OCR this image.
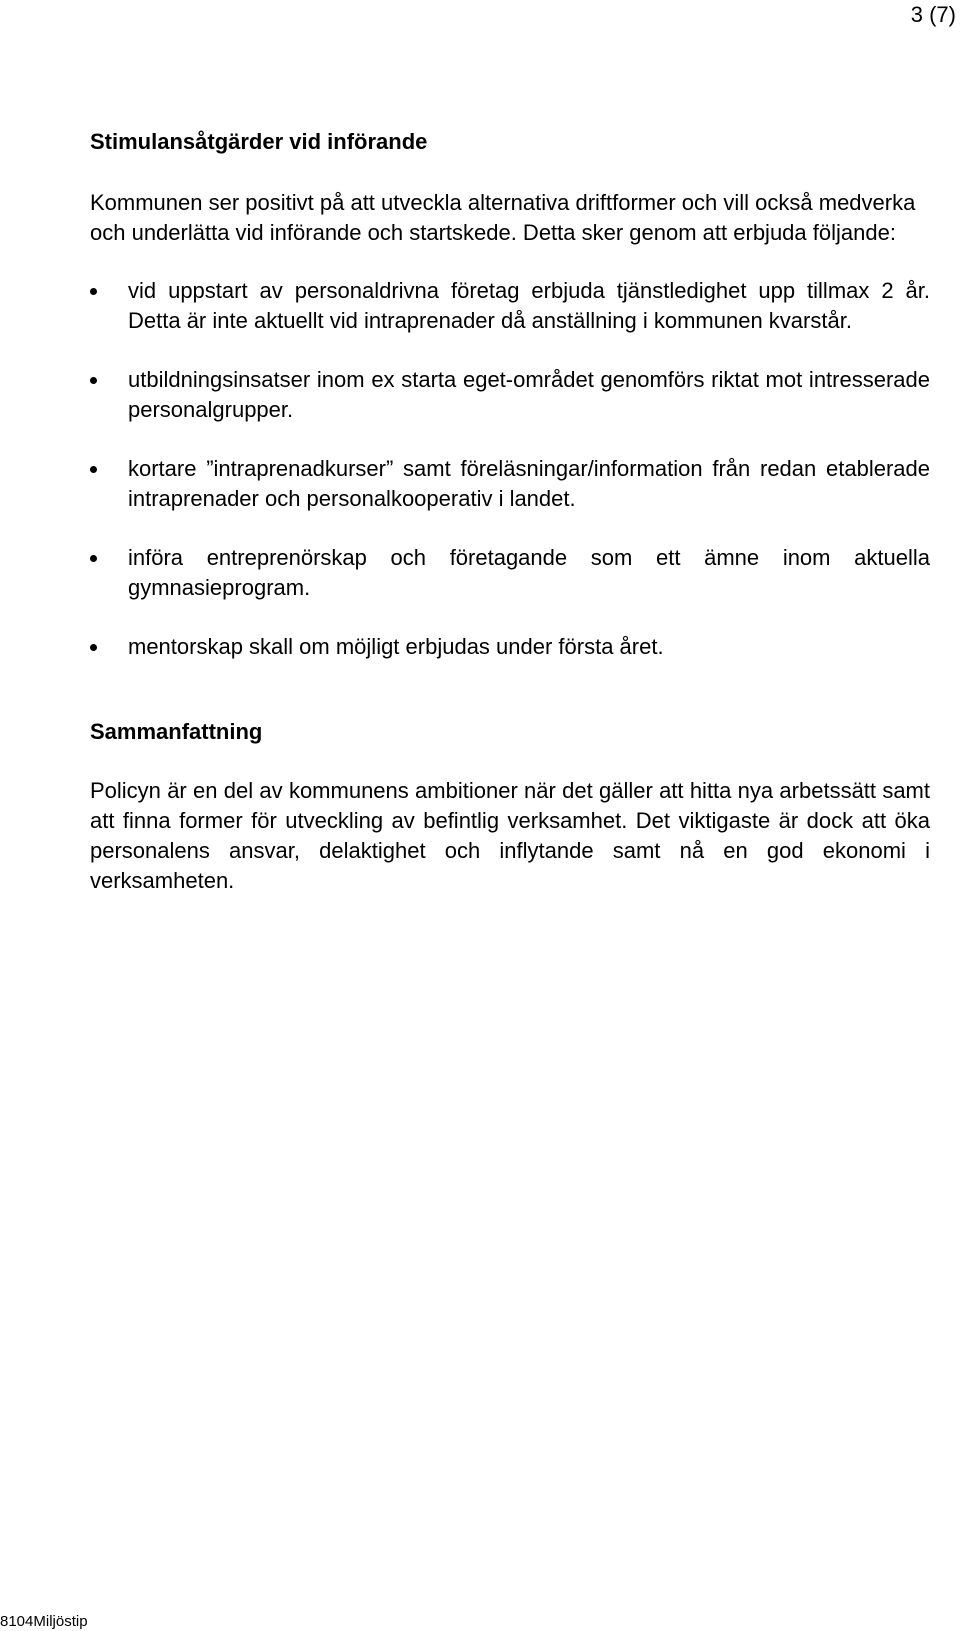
3 (7)
Stimulansåtgärder vid införande

Kommunen ser positivt på att utveckla alternativa driftformer och vill också medverka och underlätta vid införande och startskede. Detta sker genom att erbjuda följande:

vid uppstart av personaldrivna företag erbjuda tjänstledighet upp tillmax 2 år. Detta är inte aktuellt vid intraprenader då anställning i kommunen kvarstår.
utbildningsinsatser inom ex starta eget-området genomförs riktat mot intresserade personalgrupper.
kortare ”intraprenadkurser” samt föreläsningar/information från redan etablerade intraprenader och personalkooperativ i landet.
införa entreprenörskap och företagande som ett ämne inom aktuella gymnasieprogram.
mentorskap skall om möjligt erbjudas under första året.
Sammanfattning

Policyn är en del av kommunens ambitioner när det gäller att hitta nya arbetssätt samt att finna former för utveckling av befintlig verksamhet. Det viktigaste är dock att öka personalens ansvar, delaktighet och inflytande samt nå en god ekonomi i verksamheten.

8104Miljöstip
